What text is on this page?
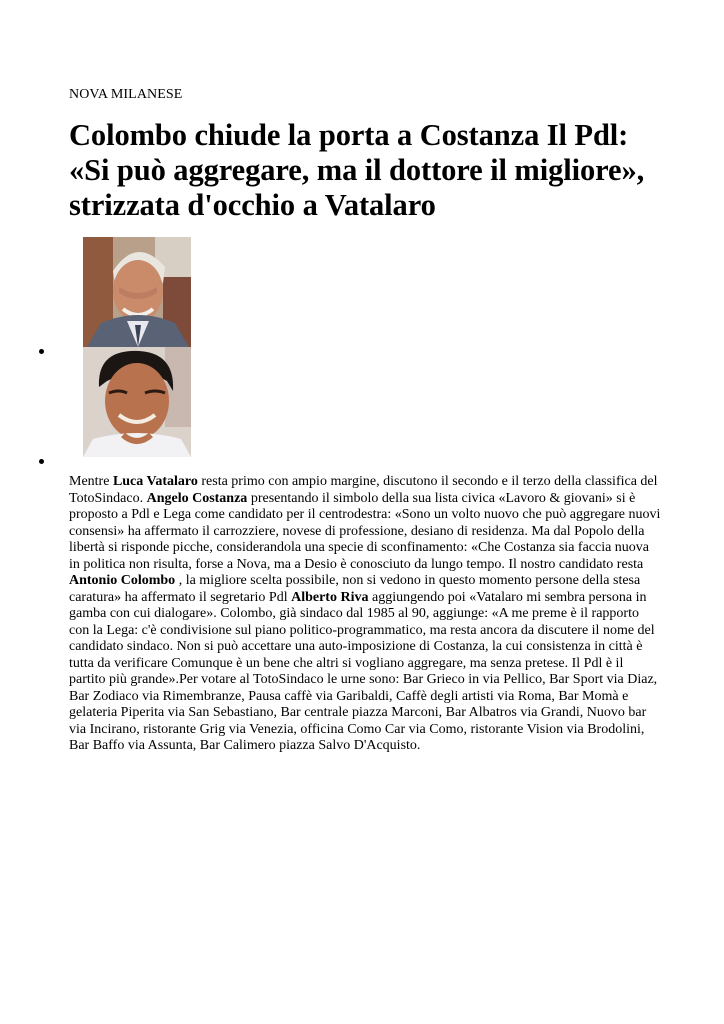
NOVA MILANESE
Colombo chiude la porta a Costanza Il Pdl: «Si può aggregare, ma il dottore il migliore», strizzata d'occhio a Vatalaro

Mentre Luca Vatalaro resta primo con ampio margine, discutono il secondo e il terzo della classifica del TotoSindaco. Angelo Costanza presentando il simbolo della sua lista civica «Lavoro & giovani» si è proposto a Pdl e Lega come candidato per il centrodestra: «Sono un volto nuovo che può aggregare nuovi consensi» ha affermato il carrozziere, novese di professione, desiano di residenza. Ma dal Popolo della libertà si risponde picche, considerandola una specie di sconfinamento: «Che Costanza sia faccia nuova in politica non risulta, forse a Nova, ma a Desio è conosciuto da lungo tempo. Il nostro candidato resta Antonio Colombo , la migliore scelta possibile, non si vedono in questo momento persone della stesa caratura» ha affermato il segretario Pdl Alberto Riva aggiungendo poi «Vatalaro mi sembra persona in gamba con cui dialogare». Colombo, già sindaco dal 1985 al 90, aggiunge: «A me preme è il rapporto con la Lega: c'è condivisione sul piano politico-programmatico, ma resta ancora da discutere il nome del candidato sindaco. Non si può accettare una auto-imposizione di Costanza, la cui consistenza in città è tutta da verificare Comunque è un bene che altri si vogliano aggregare, ma senza pretese. Il Pdl è il partito più grande».Per votare al TotoSindaco le urne sono: Bar Grieco in via Pellico, Bar Sport via Diaz, Bar Zodiaco via Rimembranze, Pausa caffè via Garibaldi, Caffè degli artisti via Roma, Bar Momà e gelateria Piperita via San Sebastiano, Bar centrale piazza Marconi, Bar Albatros via Grandi, Nuovo bar via Incirano, ristorante Grig via Venezia, officina Como Car via Como, ristorante Vision via Brodolini, Bar Baffo via Assunta, Bar Calimero piazza Salvo D'Acquisto.
